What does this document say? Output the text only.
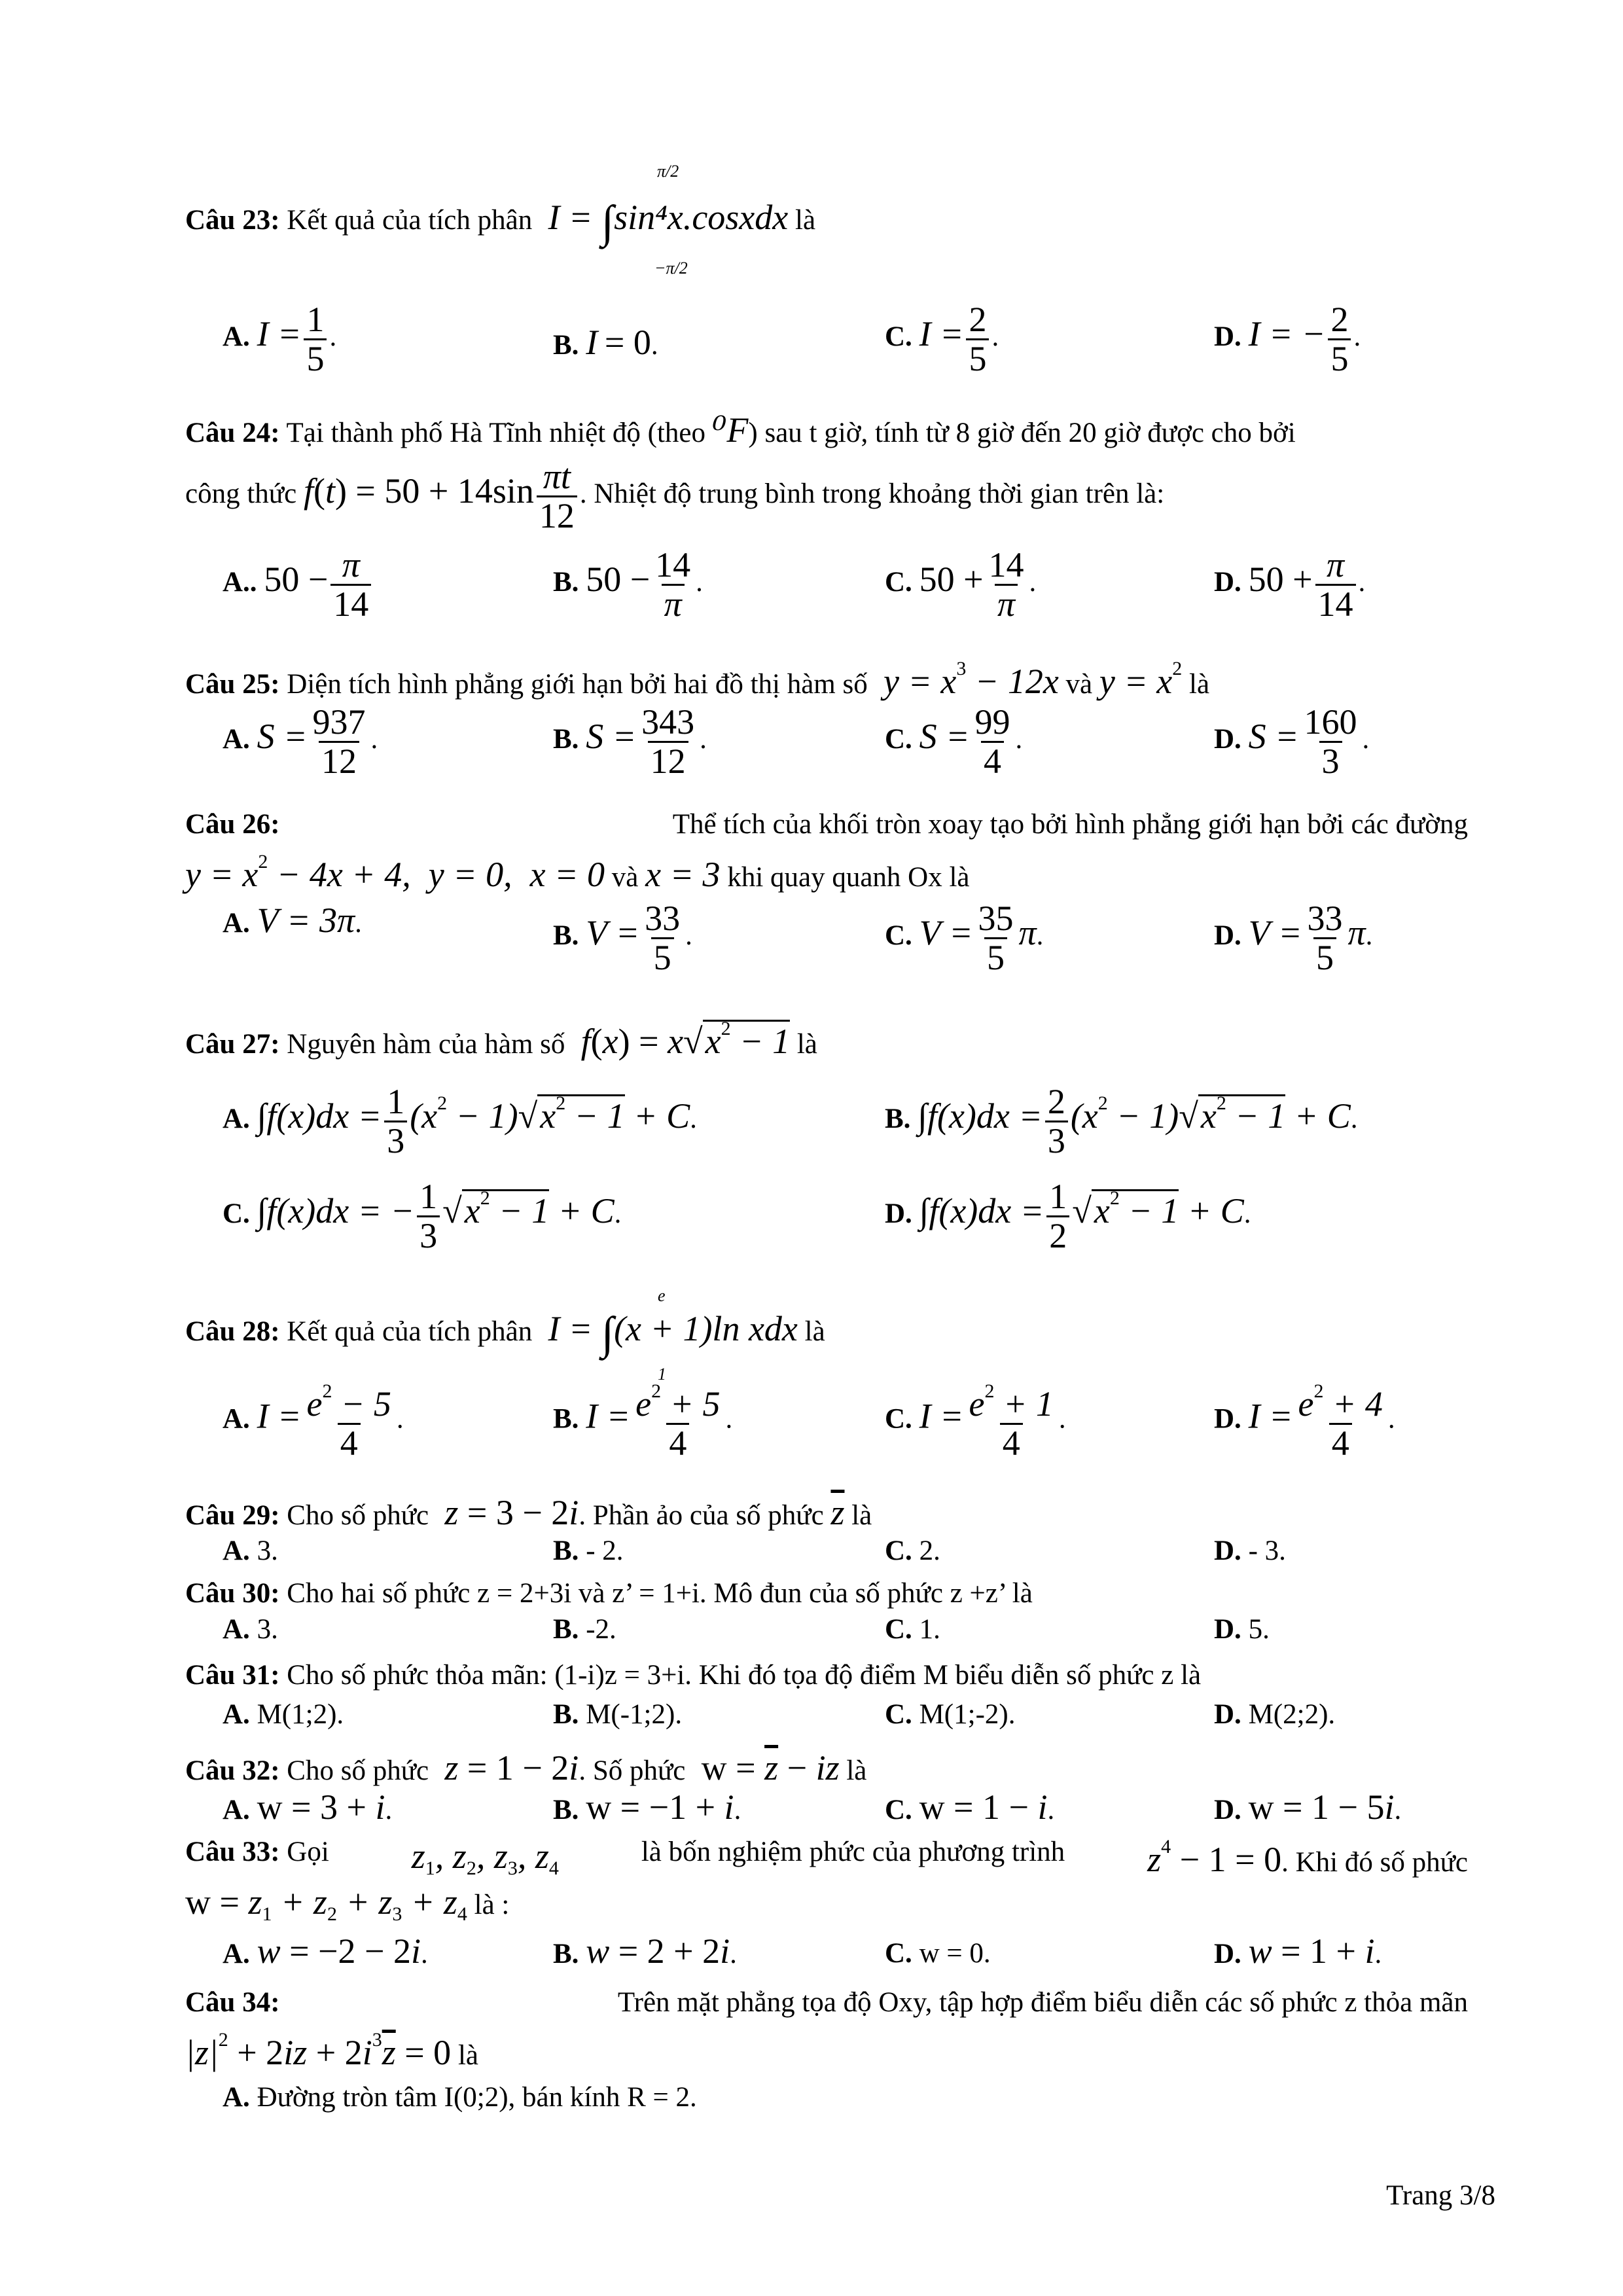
π/2
Câu 23: Kết quả của tích phân  I = ∫sin⁴x.cosxdx là
−π/2
A. $I = \frac{1}{5}$ .	B. I = 0.	C. $I = \frac{2}{5}$ .	D. I = − $\frac{2}{5}$ .
Câu 24: Tại thành phố Hà Tĩnh nhiệt độ (theo ⁰F) sau t giờ, tính từ 8 giờ đến 20 giờ được cho bởi
công thức $f(t) = 50 + 14\sin \frac{\pi t}{12}$ . Nhiệt độ trung bình trong khoảng thời gian trên là:
A.. $50 - \frac{\pi}{14}$	B. $50 - \frac{14}{\pi}$ .	C. $50 + \frac{14}{\pi}$ .	D. $50 + \frac{\pi}{14}$ .
Câu 25: Diện tích hình phẳng giới hạn bởi hai đồ thị hàm số  $y = x^3 - 12x$ và $y = x^2$ là
A. $S = \frac{937}{12}$ .	B. $S = \frac{343}{12}$ .	C. $S = \frac{99}{4}$ .	D. $S = \frac{160}{3}$ .
Câu 26:	Thể tích của khối tròn xoay tạo bởi hình phẳng giới hạn bởi các đường
$y = x^2 - 4x + 4$,  y = 0,  x = 0 và x = 3 khi quay quanh Ox là
A. V = 3π.	B. $V = \frac{33}{5}$ .	C. $V = \frac{35}{5} \pi$.	D. $V = \frac{33}{5} \pi$.
Câu 27: Nguyên hàm của hàm số  $f(x) = x√x^2 - 1$ là
A. $\int f(x)dx = \frac{1}{3} (x^2 - 1)√x^2 - 1 + C$.	B. $\int f(x)dx = \frac{2}{3} (x^2 - 1)√x^2 - 1 + C$.
C. ∫f(x)dx = − $\frac{1}{3} √x^2 - 1 + C$.	D. $\int f(x)dx = \frac{1}{2} √x^2 - 1 + C$.
e
Câu 28: Kết quả của tích phân  I = ∫(x + 1)ln xdx là
1
A. $I = \frac{e^2 - 5}{4}$ .	B. $I = \frac{e^2 + 5}{4}$ .	C. $I = \frac{e^2 + 1}{4}$ .	D. $I = \frac{e^2 + 4}{4}$ .
Câu 29: Cho số phức  z = 3 − 2i. Phần ảo của số phức $\overline{z}$ là
A. 3.	B. - 2.	C. 2.	D. - 3.
Câu 30: Cho hai số phức z = 2+3i và z’ = 1+i. Mô đun của số phức z +z’ là
A. 3.	B. -2.	C. 1.	D. 5.
Câu 31: Cho số phức thỏa mãn: (1-i)z = 3+i. Khi đó tọa độ điểm M biểu diễn số phức z là
A. M(1;2).	B. M(-1;2).	C. M(1;-2).	D. M(2;2).
Câu 32: Cho số phức  z = 1 − 2i. Số phức  $w = \overline{z}$ − iz là
A. w = 3 + i.	B. w = −1 + i.	C. w = 1 − i.	D. w = 1 − 5i.
Câu 33: Gọi $z_1$, $z_2$, $z_3$, $z_4$
là bốn nghiệm phức của phương trình $z^4 - 1 = 0$. Khi đó số phức
$w = z_1 + z_2 + z_3 + z_4$ là :
A. w = −2 − 2i.	B. w = 2 + 2i.	C. w = 0.	D. w = 1 + i.
Câu 34:	Trên mặt phẳng tọa độ Oxy, tập hợp điểm biểu diễn các số phức z thỏa mãn
$|z|^2 + 2iz + 2i^3\overline{z} = 0$ là
A. Đường tròn tâm I(0;2), bán kính R = 2.
Trang 3/8
